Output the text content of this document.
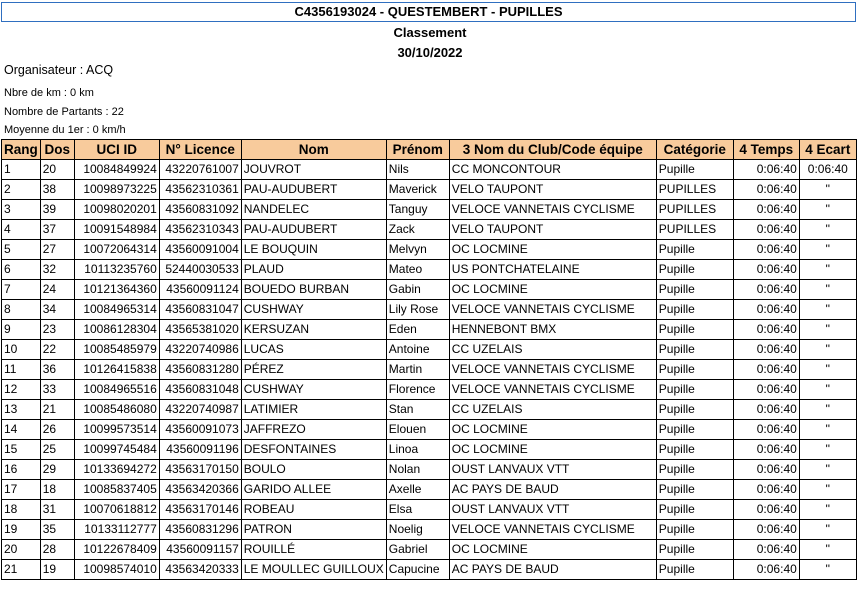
C4356193024 - QUESTEMBERT - PUPILLES
Classement
30/10/2022
Organisateur : ACQ
Nbre de km : 0 km
Nombre de Partants : 22
Moyenne du 1er : 0 km/h
Rang	Dos	UCI ID	N° Licence	Nom	Prénom	3 Nom du Club/Code équipe	Catégorie	4 Temps	4 Ecart
1	20	10084849924	43220761007	JOUVROT	Nils	CC MONCONTOUR	Pupille	0:06:40	0:06:40
2	38	10098973225	43562310361	PAU-AUDUBERT	Maverick	VELO TAUPONT	PUPILLES	0:06:40	''
3	39	10098020201	43560831092	NANDELEC	Tanguy	VELOCE VANNETAIS CYCLISME	PUPILLES	0:06:40	''
4	37	10091548984	43562310343	PAU-AUDUBERT	Zack	VELO TAUPONT	PUPILLES	0:06:40	''
5	27	10072064314	43560091004	LE BOUQUIN	Melvyn	OC LOCMINE	Pupille	0:06:40	''
6	32	10113235760	52440030533	PLAUD	Mateo	US PONTCHATELAINE	Pupille	0:06:40	''
7	24	10121364360	43560091124	BOUEDO BURBAN	Gabin	OC LOCMINE	Pupille	0:06:40	''
8	34	10084965314	43560831047	CUSHWAY	Lily Rose	VELOCE VANNETAIS CYCLISME	Pupille	0:06:40	''
9	23	10086128304	43565381020	KERSUZAN	Eden	HENNEBONT BMX	Pupille	0:06:40	''
10	22	10085485979	43220740986	LUCAS	Antoine	CC UZELAIS	Pupille	0:06:40	''
11	36	10126415838	43560831280	PÉREZ	Martin	VELOCE VANNETAIS CYCLISME	Pupille	0:06:40	''
12	33	10084965516	43560831048	CUSHWAY	Florence	VELOCE VANNETAIS CYCLISME	Pupille	0:06:40	''
13	21	10085486080	43220740987	LATIMIER	Stan	CC UZELAIS	Pupille	0:06:40	''
14	26	10099573514	43560091073	JAFFREZO	Elouen	OC LOCMINE	Pupille	0:06:40	''
15	25	10099745484	43560091196	DESFONTAINES	Linoa	OC LOCMINE	Pupille	0:06:40	''
16	29	10133694272	43563170150	BOULO	Nolan	OUST LANVAUX VTT	Pupille	0:06:40	''
17	18	10085837405	43563420366	GARIDO ALLEE	Axelle	AC PAYS DE BAUD	Pupille	0:06:40	''
18	31	10070618812	43563170146	ROBEAU	Elsa	OUST LANVAUX VTT	Pupille	0:06:40	''
19	35	10133112777	43560831296	PATRON	Noelig	VELOCE VANNETAIS CYCLISME	Pupille	0:06:40	''
20	28	10122678409	43560091157	ROUILLÉ	Gabriel	OC LOCMINE	Pupille	0:06:40	''
21	19	10098574010	43563420333	LE MOULLEC GUILLOUX	Capucine	AC PAYS DE BAUD	Pupille	0:06:40	''
